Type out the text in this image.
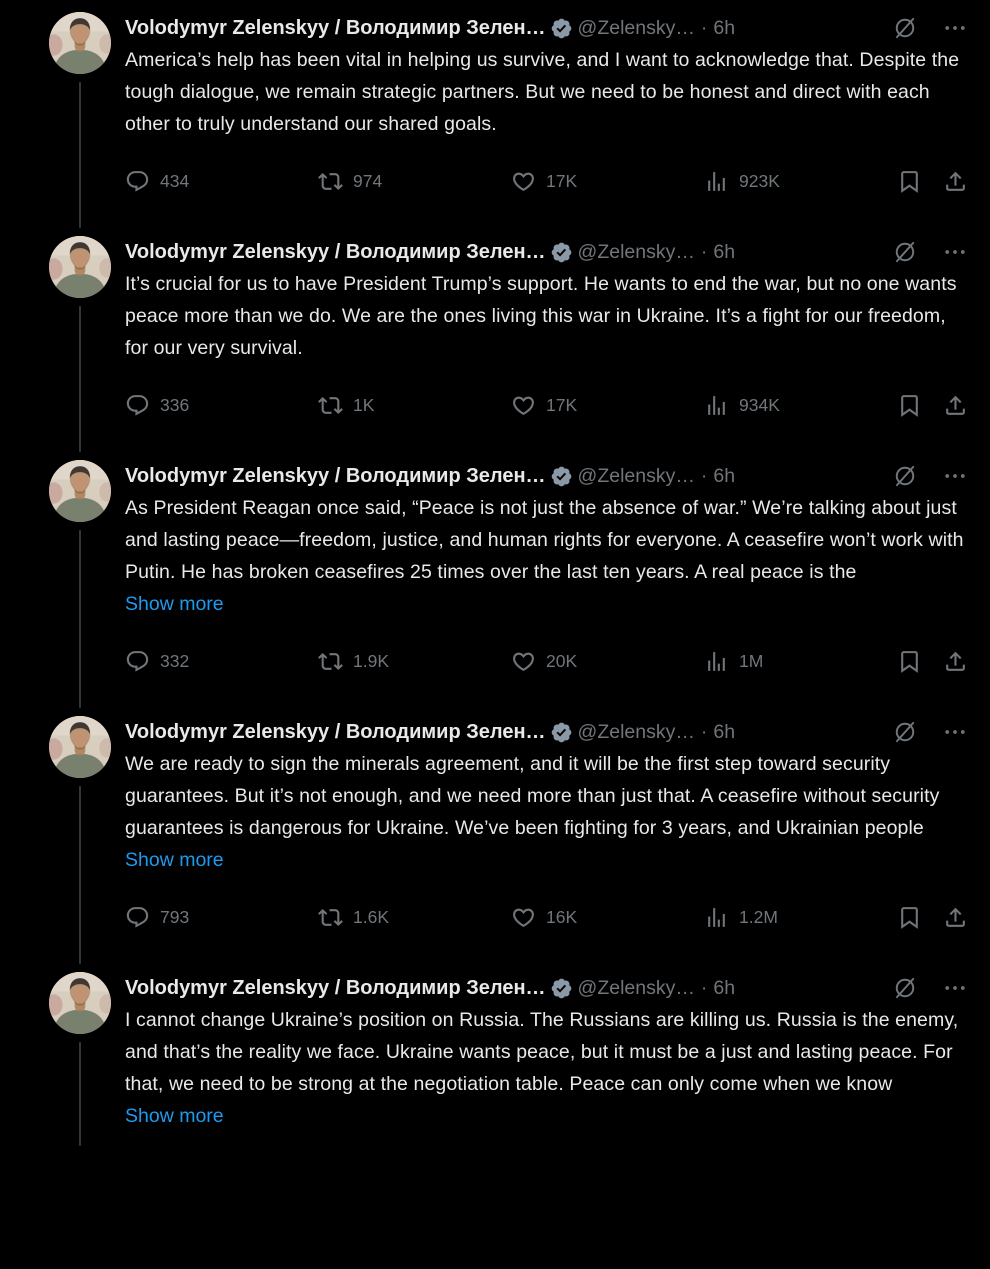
Volodymyr Zelenskyy / Володимир Зелен… @Zelensky… · 6h
America’s help has been vital in helping us survive, and I want to acknowledge that. Despite the tough dialogue, we remain strategic partners. But we need to be honest and direct with each other to truly understand our shared goals.
434	974	17K	923K
Volodymyr Zelenskyy / Володимир Зелен… @Zelensky… · 6h
It’s crucial for us to have President Trump’s support. He wants to end the war, but no one wants peace more than we do. We are the ones living this war in Ukraine. It’s a fight for our freedom, for our very survival.
336	1K	17K	934K
Volodymyr Zelenskyy / Володимир Зелен… @Zelensky… · 6h
As President Reagan once said, “Peace is not just the absence of war.” We’re talking about just and lasting peace—freedom, justice, and human rights for everyone. A ceasefire won’t work with Putin. He has broken ceasefires 25 times over the last ten years. A real peace is the
Show more
332	1.9K	20K	1M
Volodymyr Zelenskyy / Володимир Зелен… @Zelensky… · 6h
We are ready to sign the minerals agreement, and it will be the first step toward security guarantees. But it’s not enough, and we need more than just that. A ceasefire without security guarantees is dangerous for Ukraine. We’ve been fighting for 3 years, and Ukrainian people
Show more
793	1.6K	16K	1.2M
Volodymyr Zelenskyy / Володимир Зелен… @Zelensky… · 6h
I cannot change Ukraine’s position on Russia. The Russians are killing us. Russia is the enemy, and that’s the reality we face. Ukraine wants peace, but it must be a just and lasting peace. For that, we need to be strong at the negotiation table. Peace can only come when we know
Show more
